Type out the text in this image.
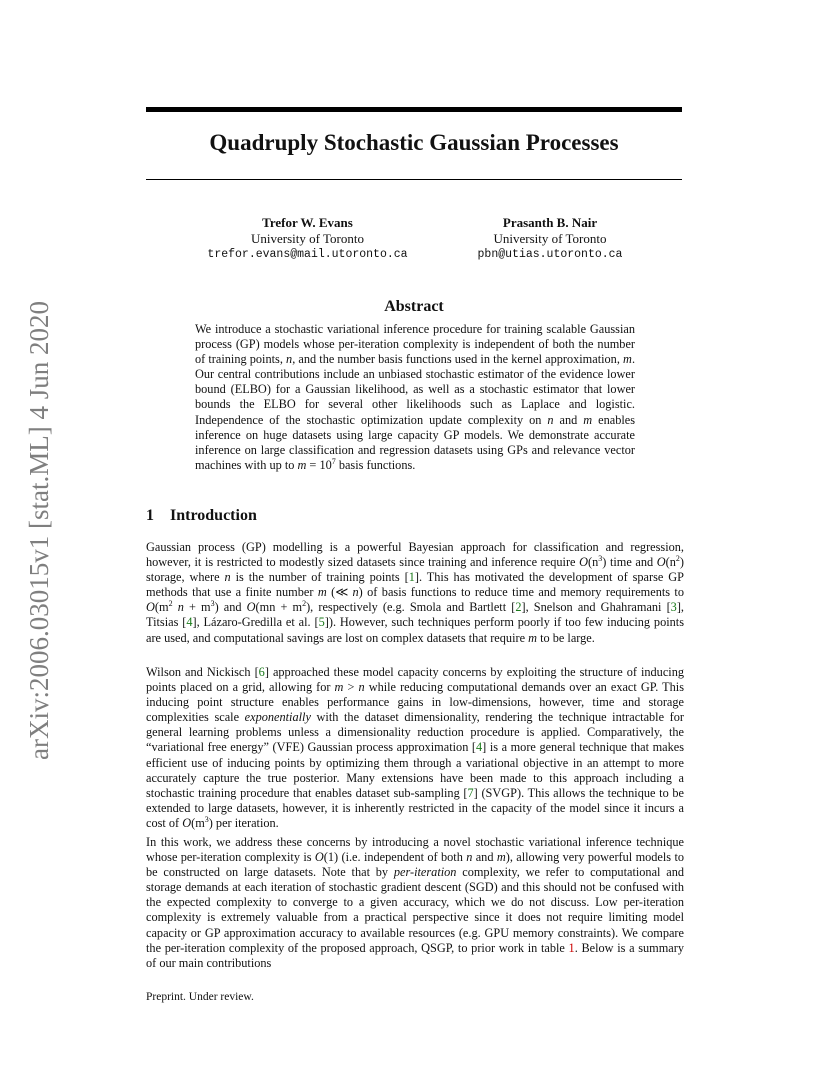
Quadruply Stochastic Gaussian Processes
arXiv:2006.03015v1 [stat.ML] 4 Jun 2020
Trefor W. Evans
University of Toronto
trefor.evans@mail.utoronto.ca
Prasanth B. Nair
University of Toronto
pbn@utias.utoronto.ca
Abstract

We introduce a stochastic variational inference procedure for training scalable Gaussian process (GP) models whose per-iteration complexity is independent of both the number of training points, n, and the number basis functions used in the kernel approximation, m. Our central contributions include an unbiased stochastic estimator of the evidence lower bound (ELBO) for a Gaussian likelihood, as well as a stochastic estimator that lower bounds the ELBO for several other likelihoods such as Laplace and logistic. Independence of the stochastic optimization update complexity on n and m enables inference on huge datasets using large capacity GP models. We demonstrate accurate inference on large classification and regression datasets using GPs and relevance vector machines with up to $m = 10^7$ basis functions.

1 Introduction

Gaussian process (GP) modelling is a powerful Bayesian approach for classification and regression, however, it is restricted to modestly sized datasets since training and inference require $O(n^3)$ time and $O(n^2)$ storage, where n is the number of training points [1]. This has motivated the development of sparse GP methods that use a finite number m (≪ n) of basis functions to reduce time and memory requirements to $O(m^2$ $n + m^3$) and $O(mn + m^2)$, respectively (e.g. Smola and Bartlett [2], Snelson and Ghahramani [3], Titsias [4], Lázaro-Gredilla et al. [5]). However, such techniques perform poorly if too few inducing points are used, and computational savings are lost on complex datasets that require m to be large.

Wilson and Nickisch [6] approached these model capacity concerns by exploiting the structure of inducing points placed on a grid, allowing for m > n while reducing computational demands over an exact GP. This inducing point structure enables performance gains in low-dimensions, however, time and storage complexities scale exponentially with the dataset dimensionality, rendering the technique intractable for general learning problems unless a dimensionality reduction procedure is applied. Comparatively, the “variational free energy” (VFE) Gaussian process approximation [4] is a more general technique that makes efficient use of inducing points by optimizing them through a variational objective in an attempt to more accurately capture the true posterior. Many extensions have been made to this approach including a stochastic training procedure that enables dataset sub-sampling [7] (SVGP). This allows the technique to be extended to large datasets, however, it is inherently restricted in the capacity of the model since it incurs a cost of $O(m^3)$ per iteration.

In this work, we address these concerns by introducing a novel stochastic variational inference technique whose per-iteration complexity is O(1) (i.e. independent of both n and m), allowing very powerful models to be constructed on large datasets. Note that by per-iteration complexity, we refer to computational and storage demands at each iteration of stochastic gradient descent (SGD) and this should not be confused with the expected complexity to converge to a given accuracy, which we do not discuss. Low per-iteration complexity is extremely valuable from a practical perspective since it does not require limiting model capacity or GP approximation accuracy to available resources (e.g. GPU memory constraints). We compare the per-iteration complexity of the proposed approach, QSGP, to prior work in table 1. Below is a summary of our main contributions

Preprint. Under review.
